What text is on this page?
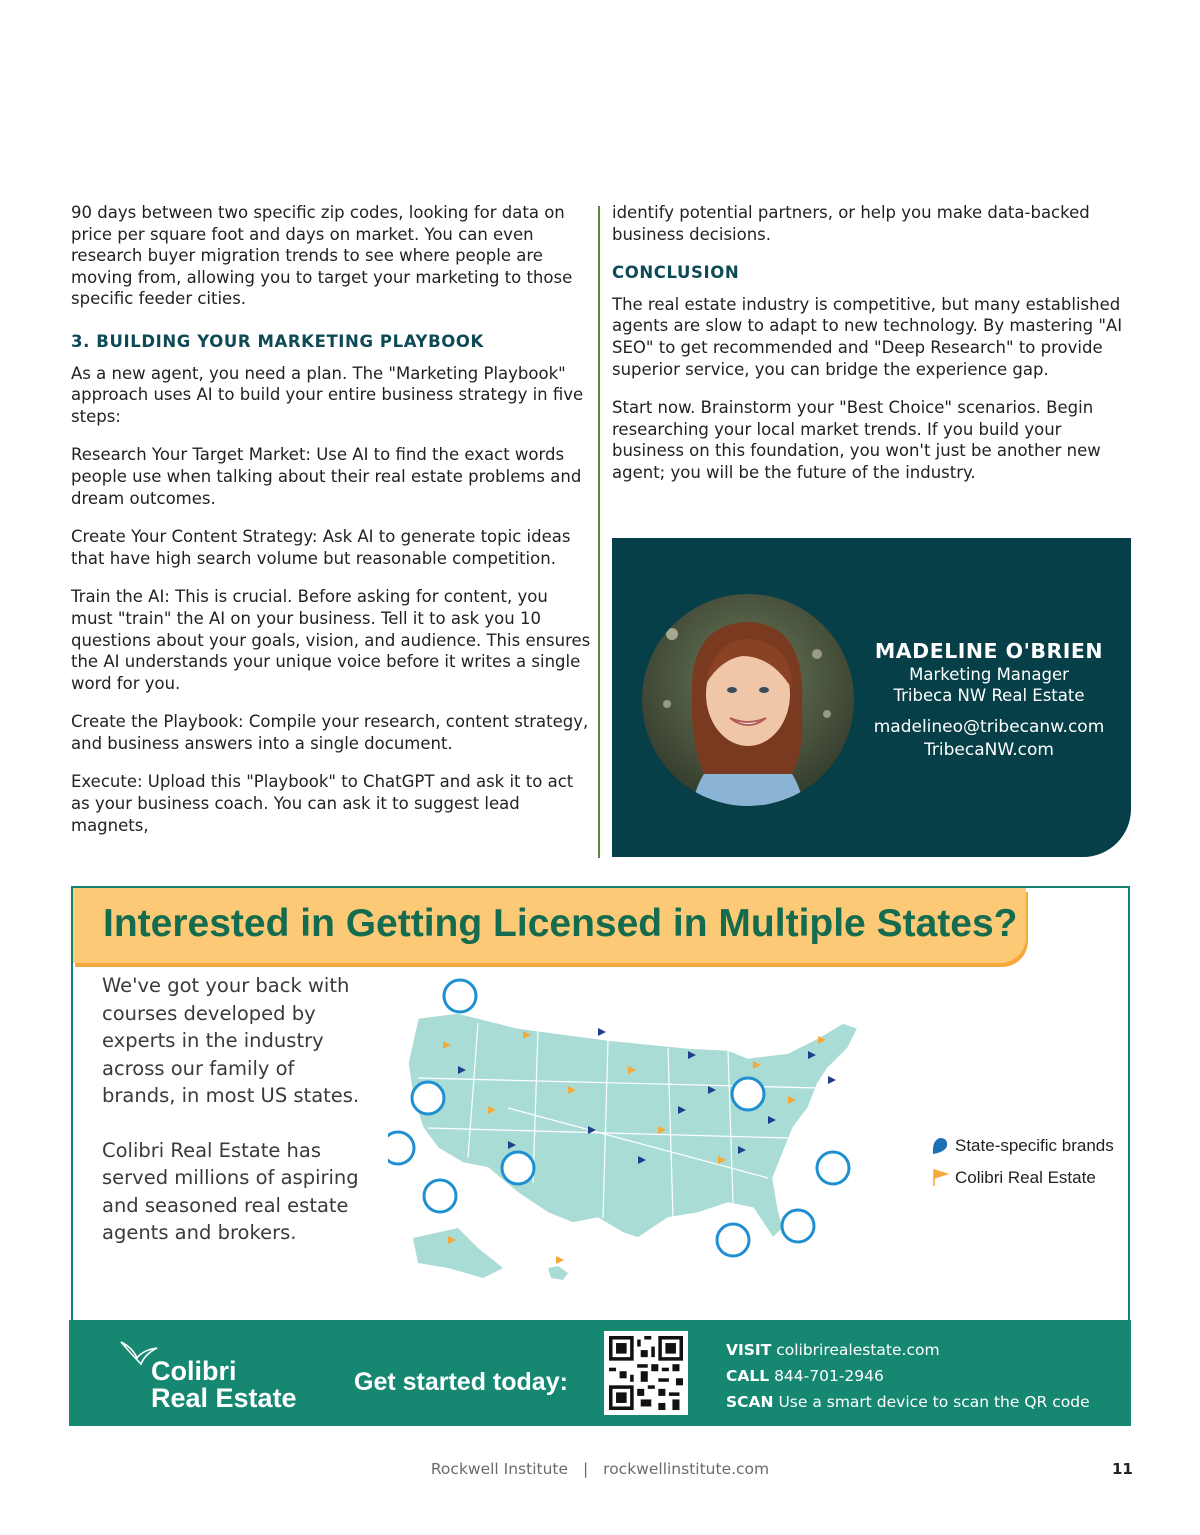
90 days between two specific zip codes, looking for data on price per square foot and days on market. You can even research buyer migration trends to see where people are moving from, allowing you to target your marketing to those specific feeder cities.

3. BUILDING YOUR MARKETING PLAYBOOK

As a new agent, you need a plan. The "Marketing Playbook" approach uses AI to build your entire business strategy in five steps:

Research Your Target Market: Use AI to find the exact words people use when talking about their real estate problems and dream outcomes.

Create Your Content Strategy: Ask AI to generate topic ideas that have high search volume but reasonable competition.

Train the AI: This is crucial. Before asking for content, you must "train" the AI on your business. Tell it to ask you 10 questions about your goals, vision, and audience. This ensures the AI understands your unique voice before it writes a single word for you.

Create the Playbook: Compile your research, content strategy, and business answers into a single document.

Execute: Upload this "Playbook" to ChatGPT and ask it to act as your business coach. You can ask it to suggest lead magnets,

identify potential partners, or help you make data-backed business decisions.

CONCLUSION

The real estate industry is competitive, but many established agents are slow to adapt to new technology. By mastering "AI SEO" to get recommended and "Deep Research" to provide superior service, you can bridge the experience gap.

Start now. Brainstorm your "Best Choice" scenarios. Begin researching your local market trends. If you build your business on this foundation, you won't just be another new agent; you will be the future of the industry.

MADELINE O'BRIEN
Marketing Manager
Tribeca NW Real Estate
madelineo@tribecanw.com
TribecaNW.com
Interested in Getting Licensed in Multiple States?

We've got your back with courses developed by experts in the industry across our family of brands, in most US states.

Colibri Real Estate has served millions of aspiring and seasoned real estate agents and brokers.

State-specific brands
Colibri Real Estate
Colibri
Real Estate
Get started today:
VISIT colibrirealestate.com
CALL 844-701-2946
SCAN Use a smart device to scan the QR code
Rockwell Institute | rockwellinstitute.com	11
